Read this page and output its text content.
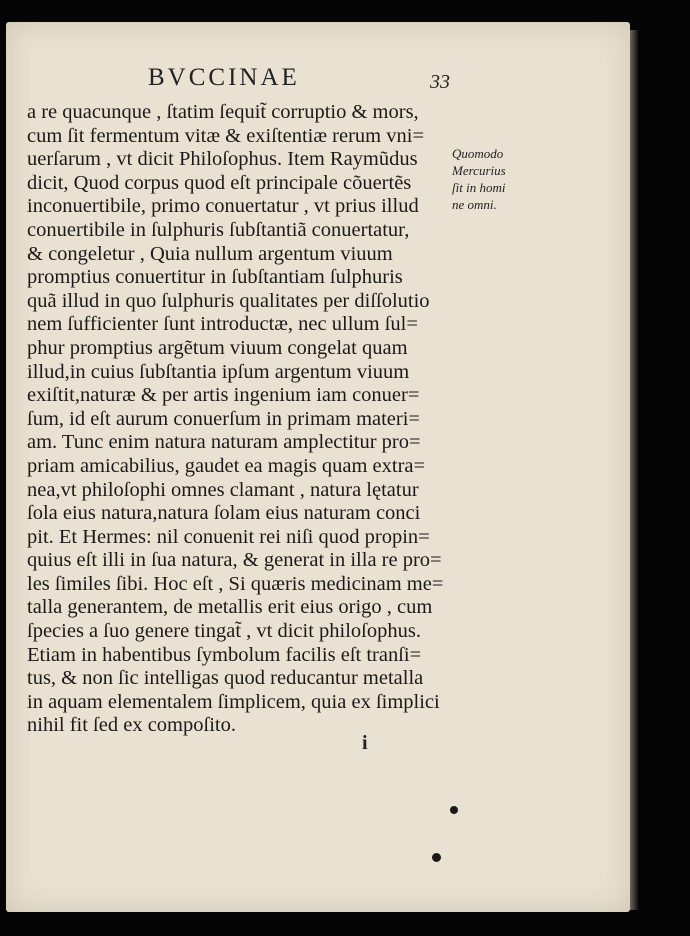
BVCCINAE	33
a re quacunque , ſtatim ſequit̃ corruptio & mors,
cum ſit fermentum vitæ & exiſtentiæ rerum vni=
uerſarum , vt dicit Philoſophus. Item Raymũdus
dicit, Quod corpus quod eſt principale cõuertẽs
inconuertibile, primo conuertatur , vt prius illud
conuertibile in ſulphuris ſubſtantiã conuertatur,
& congeletur , Quia nullum argentum viuum
promptius conuertitur in ſubſtantiam ſulphuris
quã illud in quo ſulphuris qualitates per diſſolutio
nem ſufficienter ſunt introductæ, nec ullum ſul=
phur promptius argẽtum viuum congelat quam
illud,in cuius ſubſtantia ipſum argentum viuum
exiſtit,naturæ & per artis ingenium iam conuer=
ſum, id eſt aurum conuerſum in primam materi=
am. Tunc enim natura naturam amplectitur pro=
priam amicabilius, gaudet ea magis quam extra=
nea,vt philoſophi omnes clamant , natura lętatur
ſola eius natura,natura ſolam eius naturam conci
pit. Et Hermes: nil conuenit rei niſi quod propin=
quius eſt illi in ſua natura, & generat in illa re pro=
les ſimiles ſibi. Hoc eſt , Si quæris medicinam me=
talla generantem, de metallis erit eius origo , cum
ſpecies a ſuo genere tingat̃ , vt dicit philoſophus.
Etiam in habentibus ſymbolum facilis eſt tranſi=
tus, & non ſic intelligas quod reducantur metalla
in aquam elementalem ſimplicem, quia ex ſimplici
nihil fit ſed ex compoſito.
Quomodo
Mercurius
ſit in homi
ne omni.
i
